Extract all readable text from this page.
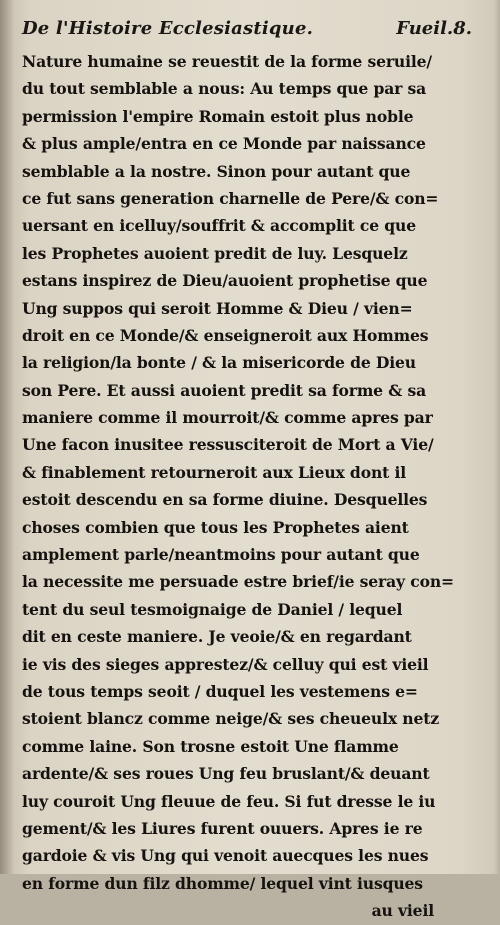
De l'Histoire Ecclesiastique.	Fueil.8.
Nature humaine se reuestit de la forme seruile/
du tout semblable a nous: Au temps que par sa
permission l'empire Romain estoit plus noble
& plus ample/entra en ce Monde par naissance
semblable a la nostre. Sinon pour autant que
ce fut sans generation charnelle de Pere/& con=
uersant en icelluy/souffrit & accomplit ce que
les Prophetes auoient predit de luy. Lesquelz
estans inspirez de Dieu/auoient prophetise que
Ung suppos qui seroit Homme & Dieu / vien=
droit en ce Monde/& enseigneroit aux Hommes
la religion/la bonte / & la misericorde de Dieu
son Pere. Et aussi auoient predit sa forme & sa
maniere comme il mourroit/& comme apres par
Une facon inusitee ressusciteroit de Mort a Vie/
& finablement retourneroit aux Lieux dont il
estoit descendu en sa forme diuine. Desquelles
choses combien que tous les Prophetes aient
amplement parle/neantmoins pour autant que
la necessite me persuade estre brief/ie seray con=
tent du seul tesmoignaige de Daniel / lequel
dit en ceste maniere. Je veoie/& en regardant
ie vis des sieges apprestez/& celluy qui est vieil
de tous temps seoit / duquel les vestemens e=
stoient blancz comme neige/& ses cheueulx netz
comme laine. Son trosne estoit Une flamme
ardente/& ses roues Ung feu bruslant/& deuant
luy couroit Ung fleuue de feu. Si fut dresse le iu
gement/& les Liures furent ouuers. Apres ie re
gardoie & vis Ung qui venoit auecques les nues
en forme dun filz dhomme/ lequel vint iusques
au vieil
